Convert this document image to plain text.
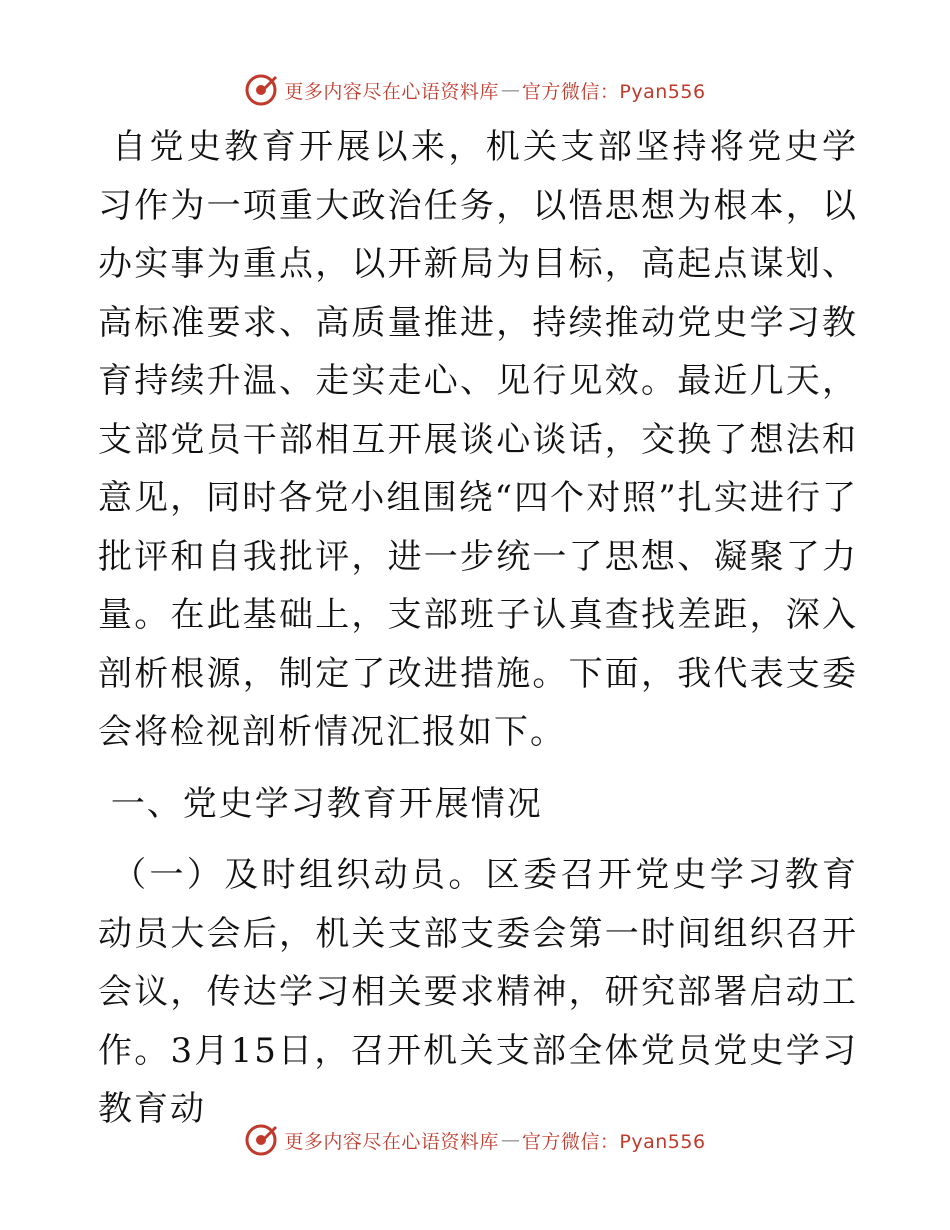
更多内容尽在心语资料库 — 官方微信：Pyan556

自党史教育开展以来，机关支部坚持将党史学习作为一项重大政治任务，以悟思想为根本，以办实事为重点，以开新局为目标，高起点谋划、高标准要求、高质量推进，持续推动党史学习教育持续升温、走实走心、见行见效。最近几天，支部党员干部相互开展谈心谈话，交换了想法和意见，同时各党小组围绕“四个对照”扎实进行了批评和自我批评，进一步统一了思想、凝聚了力量。在此基础上，支部班子认真查找差距，深入剖析根源，制定了改进措施。下面，我代表支委会将检视剖析情况汇报如下。

一、党史学习教育开展情况

（一）及时组织动员。区委召开党史学习教育动员大会后，机关支部支委会第一时间组织召开会议，传达学习相关要求精神，研究部署启动工作。3月15日，召开机关支部全体党员党史学习教育动

更多内容尽在心语资料库 — 官方微信：Pyan556
